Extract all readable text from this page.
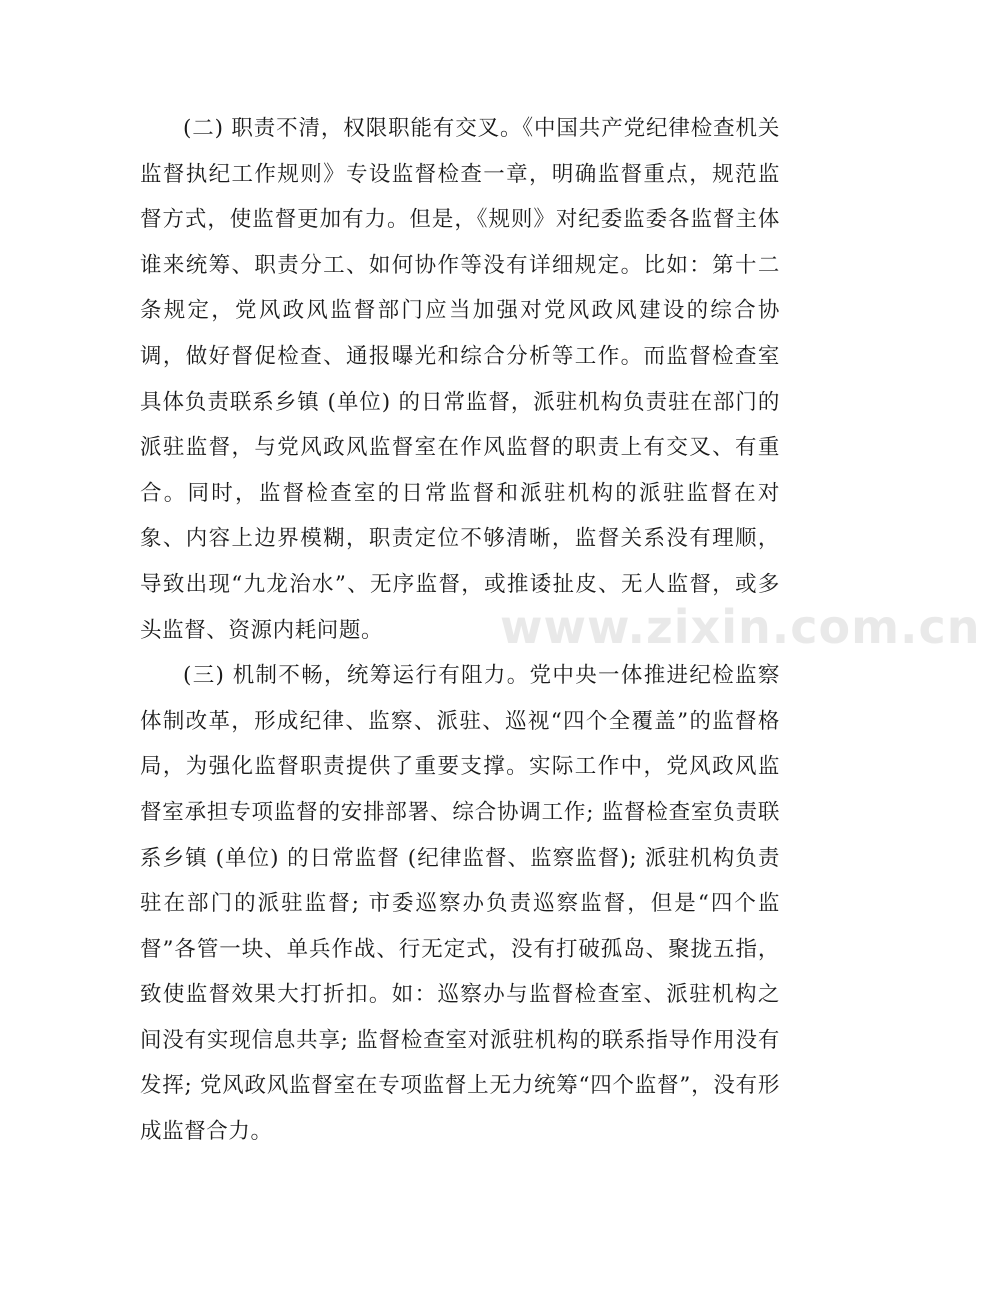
(二) 职责不清，权限职能有交叉。《中国共产党纪律检查机关监督执纪工作规则》专设监督检查一章，明确监督重点，规范监督方式，使监督更加有力。但是，《规则》对纪委监委各监督主体谁来统筹、职责分工、如何协作等没有详细规定。比如：第十二条规定，党风政风监督部门应当加强对党风政风建设的综合协调，做好督促检查、通报曝光和综合分析等工作。而监督检查室具体负责联系乡镇 (单位) 的日常监督，派驻机构负责驻在部门的派驻监督，与党风政风监督室在作风监督的职责上有交叉、有重合。同时，监督检查室的日常监督和派驻机构的派驻监督在对象、内容上边界模糊，职责定位不够清晰，监督关系没有理顺，导致出现“九龙治水”、无序监督，或推诿扯皮、无人监督，或多头监督、资源内耗问题。

(三) 机制不畅，统筹运行有阻力。党中央一体推进纪检监察体制改革，形成纪律、监察、派驻、巡视“四个全覆盖”的监督格局，为强化监督职责提供了重要支撑。实际工作中，党风政风监督室承担专项监督的安排部署、综合协调工作; 监督检查室负责联系乡镇 (单位) 的日常监督 (纪律监督、监察监督); 派驻机构负责驻在部门的派驻监督; 市委巡察办负责巡察监督，但是“四个监督”各管一块、单兵作战、行无定式，没有打破孤岛、聚拢五指，致使监督效果大打折扣。如：巡察办与监督检查室、派驻机构之间没有实现信息共享; 监督检查室对派驻机构的联系指导作用没有发挥; 党风政风监督室在专项监督上无力统筹“四个监督”，没有形成监督合力。

www.zixin.com.cn
